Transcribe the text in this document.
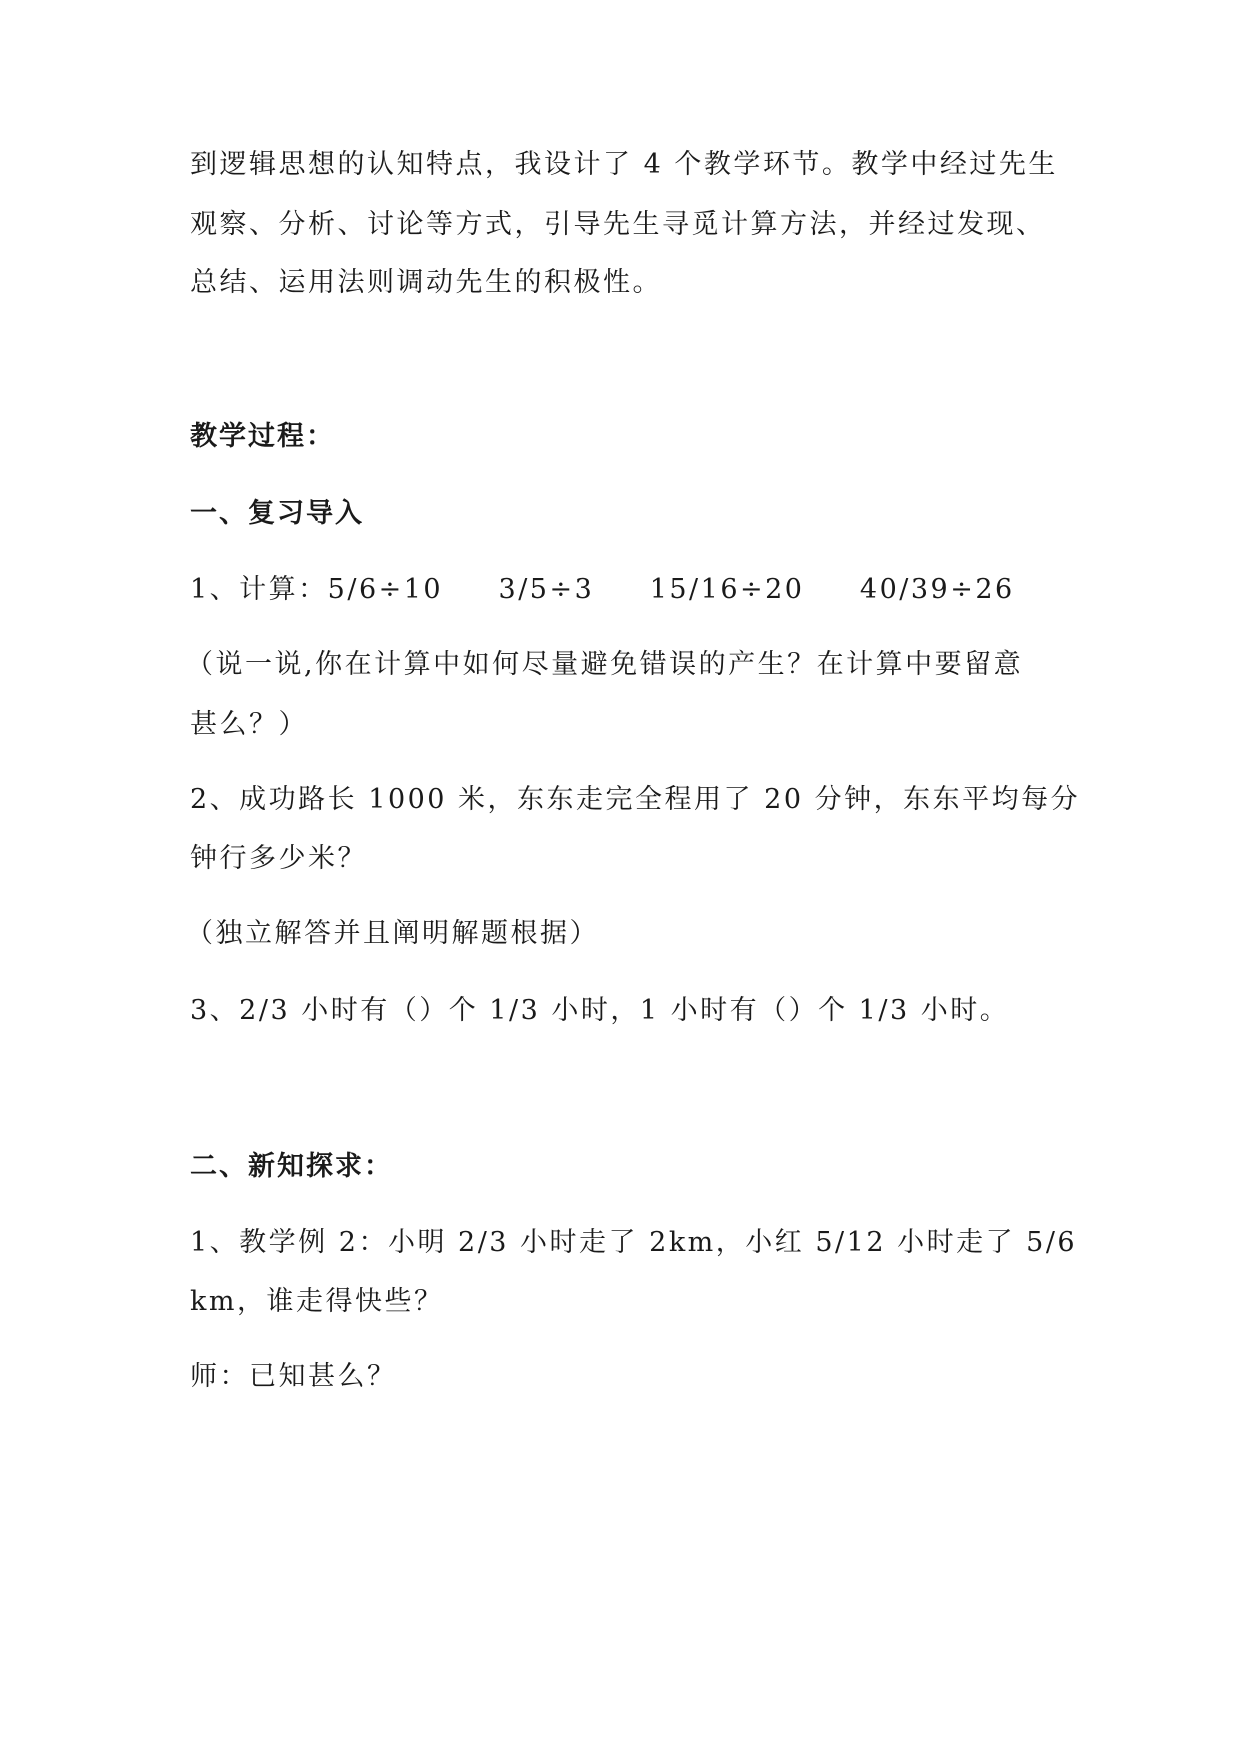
到逻辑思想的认知特点，我设计了 4 个教学环节。教学中经过先生

观察、分析、讨论等方式，引导先生寻觅计算方法，并经过发现、

总结、运用法则调动先生的积极性。

教学过程：

一、复习导入

1、计算：5/6÷10     3/5÷3     15/16÷20     40/39÷26

（说一说,你在计算中如何尽量避免错误的产生？在计算中要留意

甚么？）

2、成功路长 1000 米，东东走完全程用了 20 分钟，东东平均每分

钟行多少米？

（独立解答并且阐明解题根据）

3、2/3 小时有（）个 1/3 小时，1 小时有（）个 1/3 小时。

二、新知探求：

1、教学例 2：小明 2/3 小时走了 2km，小红 5/12 小时走了 5/6

km，谁走得快些？

师：已知甚么？
